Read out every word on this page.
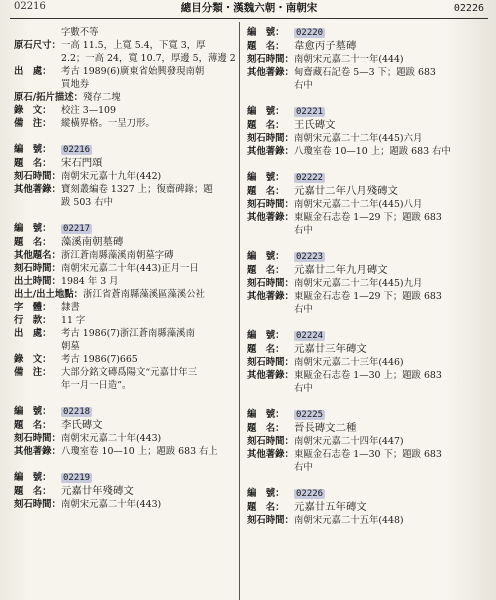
02216	總目分類・漢魏六朝・南朝宋	02226
字數不等
原石尺寸：一高 11.5，上寬 5.4，下寬 3，厚
2.2；一高 24，寬 10.7，厚邊 5，薄邊 2
出　處： 考古 1989(6)廣東省始興發現南朝
買地券
原石/拓片描述：殘存二塊
錄　文： 校注 3—109
備　注： 縱橫界格。一呈刀形。
編　號： 02216
題　名： 宋石門頌
刻石時間：南朝宋元嘉十九年(442)
其他著錄：寶刻叢編卷 1327 上；復齋碑錄；題
跋 503 右中
編　號： 02217
題　名： 藻溪南朝墓磚
其他題名：浙江蒼南縣藻溪南朝墓字磚
刻石時間：南朝宋元嘉二十年(443)正月一日
出土時間：1984 年 3 月
出土/出土地點：浙江省蒼南縣藻溪區藻溪公社
字　體： 隸書
行　款： 11 字
出　處： 考古 1986(7)浙江蒼南縣藻溪南
朝墓
錄　文： 考古 1986(7)665
備　注： 大部分銘文磚爲陽文“元嘉廿年三
年一月一日造”。
編　號： 02218
題　名： 李氏磚文
刻石時間：南朝宋元嘉二十年(443)
其他著錄：八瓊室卷 10—10 上；題跋 683 右上
編　號： 02219
題　名： 元嘉廿年殘磚文
刻石時間：南朝宋元嘉二十年(443)
編　號： 02220
題　名： 韋愈丙子墓磚
刻石時間：南朝宋元嘉二十一年(444)
其他著錄：甸齋藏石記卷 5—3 下；題跋 683
右中
編　號： 02221
題　名： 王氏磚文
刻石時間：南朝宋元嘉二十二年(445)六月
其他著錄：八瓊室卷 10—10 上；題跋 683 右中
編　號： 02222
題　名： 元嘉廿二年八月殘磚文
刻石時間：南朝宋元嘉二十二年(445)八月
其他著錄：東甌金石志卷 1—29 下；題跋 683
右中
編　號： 02223
題　名： 元嘉廿二年九月磚文
刻石時間：南朝宋元嘉二十二年(445)九月
其他著錄：東甌金石志卷 1—29 下；題跋 683
右中
編　號： 02224
題　名： 元嘉廿三年磚文
刻石時間：南朝宋元嘉二十三年(446)
其他著錄：東甌金石志卷 1—30 上；題跋 683
右中
編　號： 02225
題　名： 晉長磚文二種
刻石時間：南朝宋元嘉二十四年(447)
其他著錄：東甌金石志卷 1—30 下；題跋 683
右中
編　號： 02226
題　名： 元嘉廿五年磚文
刻石時間：南朝宋元嘉二十五年(448)
